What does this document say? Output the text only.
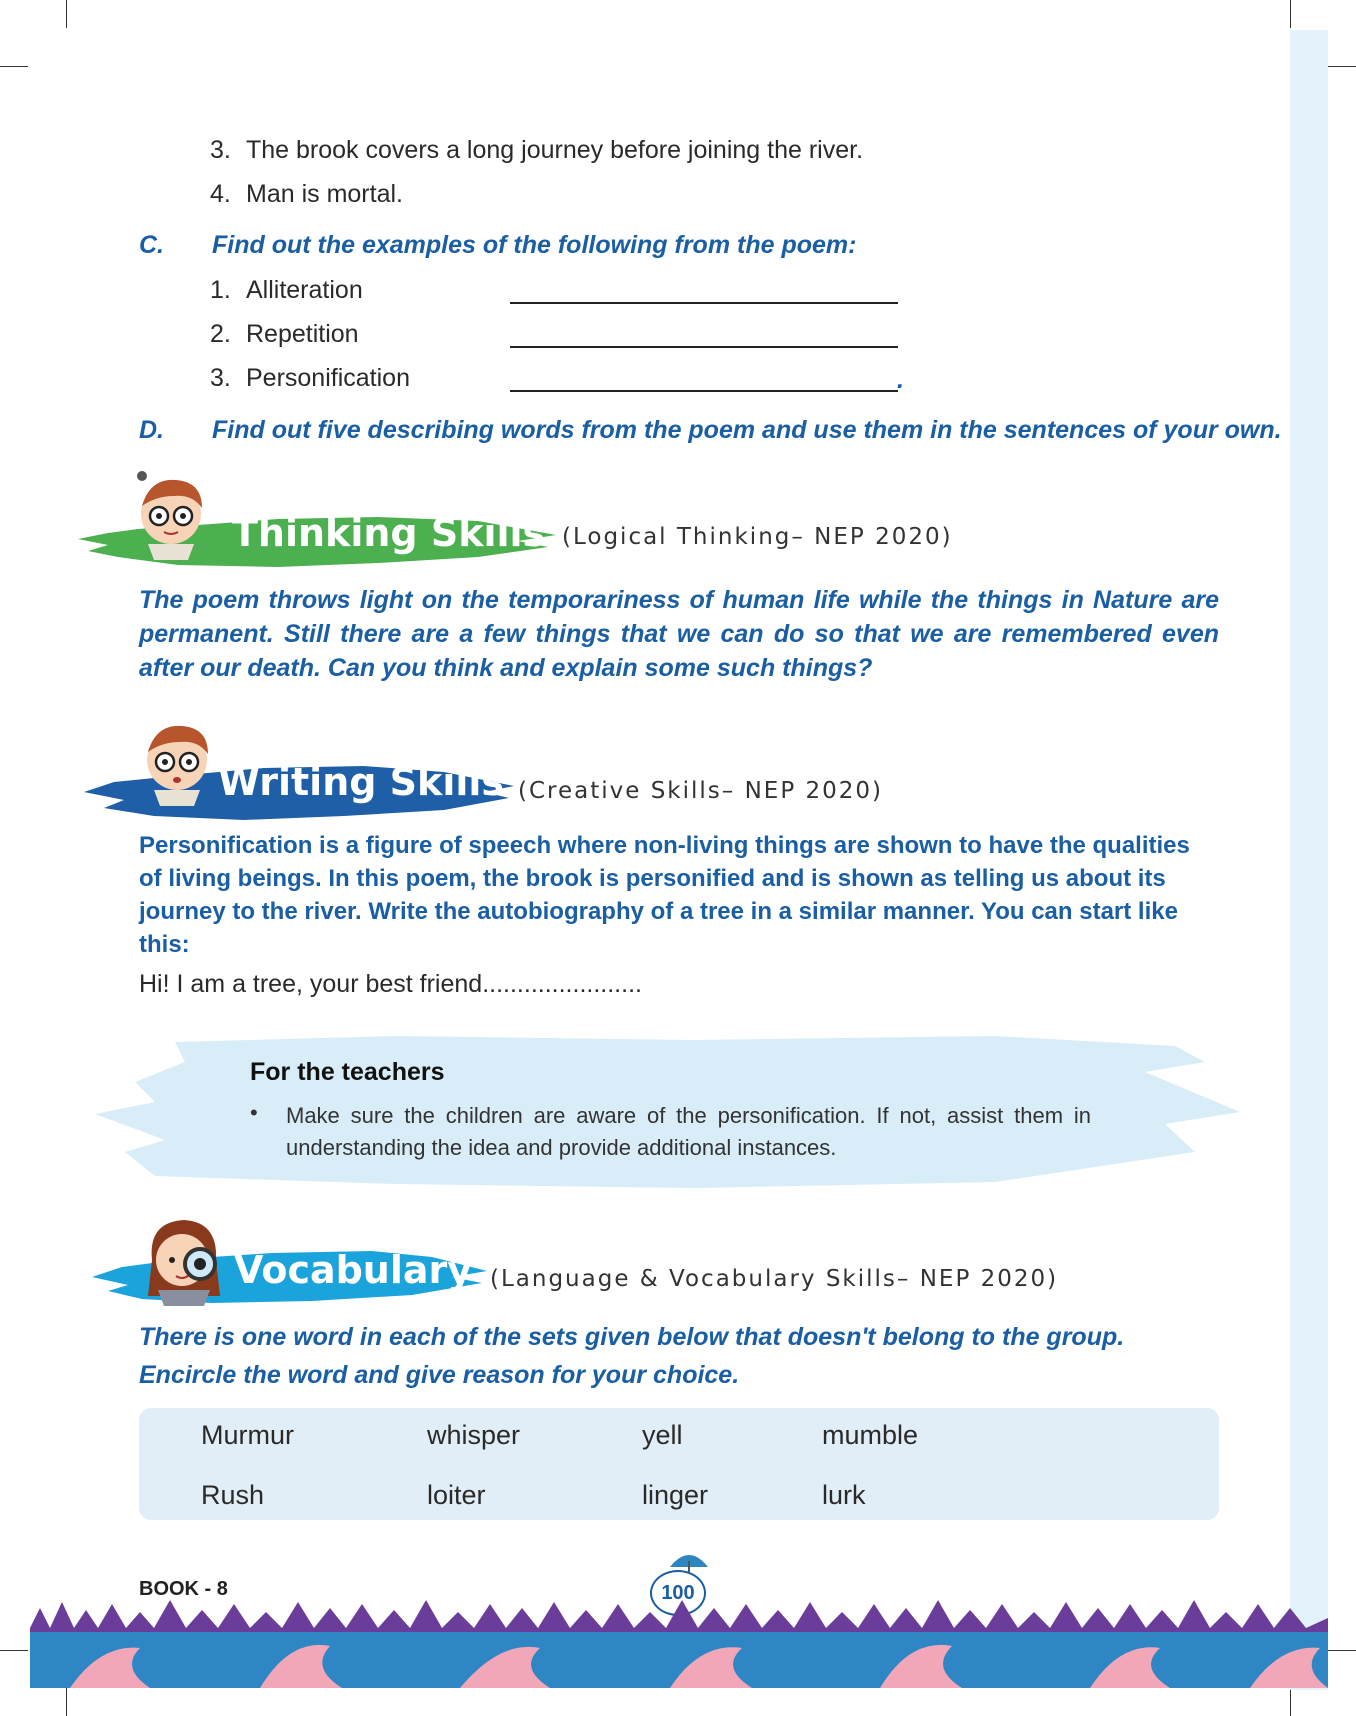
3. The brook covers a long journey before joining the river.
4. Man is mortal.
C. Find out the examples of the following from the poem:
1. Alliteration
2. Repetition
3. Personification	.
D. Find out five describing words from the poem and use them in the sentences of your own.
Thinking Skills (Logical Thinking– NEP 2020)
The poem throws light on the temporariness of human life while the things in Nature are permanent. Still there are a few things that we can do so that we are remembered even after our death. Can you think and explain some such things?
Writing Skills (Creative Skills– NEP 2020)
Personification is a figure of speech where non-living things are shown to have the qualities of living beings. In this poem, the brook is personified and is shown as telling us about its journey to the river. Write the autobiography of a tree in a similar manner. You can start like this:
Hi! I am a tree, your best friend.......................
For the teachers
• Make sure the children are aware of the personification. If not, assist them in understanding the idea and provide additional instances.
Vocabulary (Language & Vocabulary Skills– NEP 2020)
There is one word in each of the sets given below that doesn't belong to the group. Encircle the word and give reason for your choice.
Murmur	whisper	yell	mumble
Rush	loiter	linger	lurk
BOOK - 8	100
